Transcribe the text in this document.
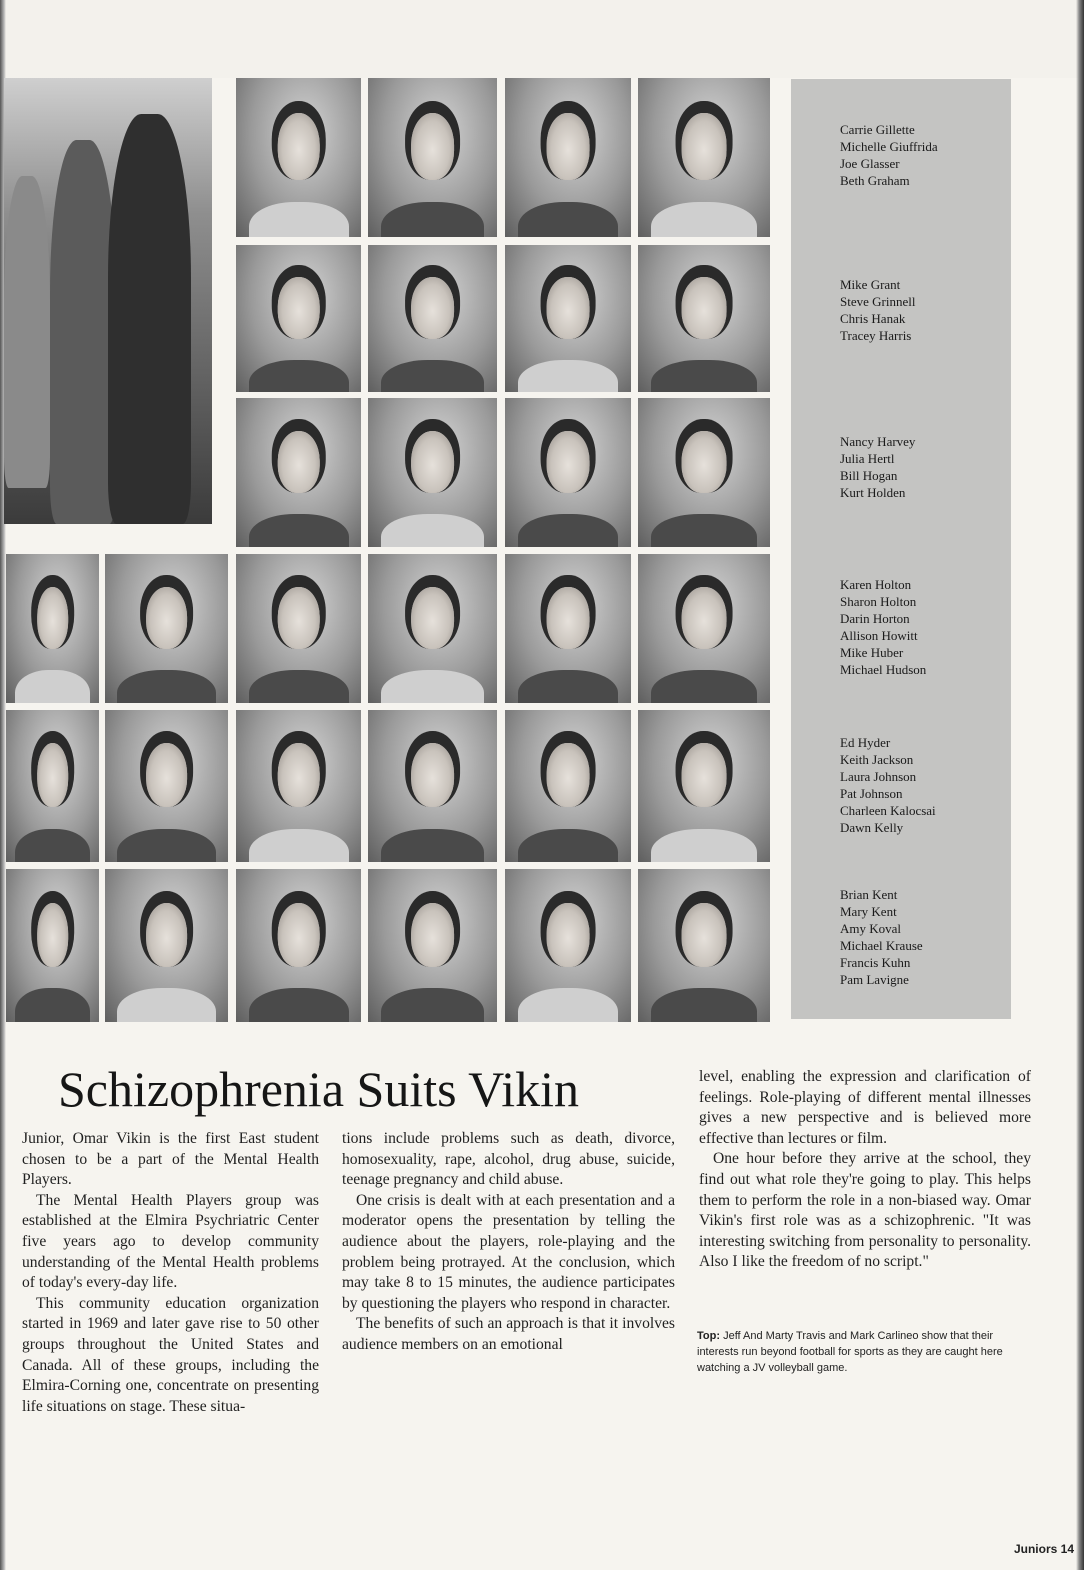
Carrie Gillette
Michelle Giuffrida
Joe Glasser
Beth Graham
Mike Grant
Steve Grinnell
Chris Hanak
Tracey Harris
Nancy Harvey
Julia Hertl
Bill Hogan
Kurt Holden
Karen Holton
Sharon Holton
Darin Horton
Allison Howitt
Mike Huber
Michael Hudson
Ed Hyder
Keith Jackson
Laura Johnson
Pat Johnson
Charleen Kalocsai
Dawn Kelly
Brian Kent
Mary Kent
Amy Koval
Michael Krause
Francis Kuhn
Pam Lavigne
Schizophrenia Suits Vikin

Junior, Omar Vikin is the first East student chosen to be a part of the Mental Health Players.

The Mental Health Players group was established at the Elmira Psychriatric Center five years ago to develop community understanding of the Mental Health problems of today's every-day life.

This community education organization started in 1969 and later gave rise to 50 other groups throughout the United States and Canada. All of these groups, including the Elmira-Corning one, concentrate on presenting life situations on stage. These situa-

tions include problems such as death, divorce, homosexuality, rape, alcohol, drug abuse, suicide, teenage pregnancy and child abuse.

One crisis is dealt with at each presentation and a moderator opens the presentation by telling the audience about the players, role-playing and the problem being protrayed. At the conclusion, which may take 8 to 15 minutes, the audience participates by questioning the players who respond in character.

The benefits of such an approach is that it involves audience members on an emotional

level, enabling the expression and clarification of feelings. Role-playing of different mental illnesses gives a new perspective and is believed more effective than lectures or film.

One hour before they arrive at the school, they find out what role they're going to play. This helps them to perform the role in a non-biased way. Omar Vikin's first role was as a schizophrenic. "It was interesting switching from personality to personality. Also I like the freedom of no script."

Top: Jeff And Marty Travis and Mark Carlineo show that their interests run beyond football for sports as they are caught here watching a JV volleyball game.
Juniors 14
